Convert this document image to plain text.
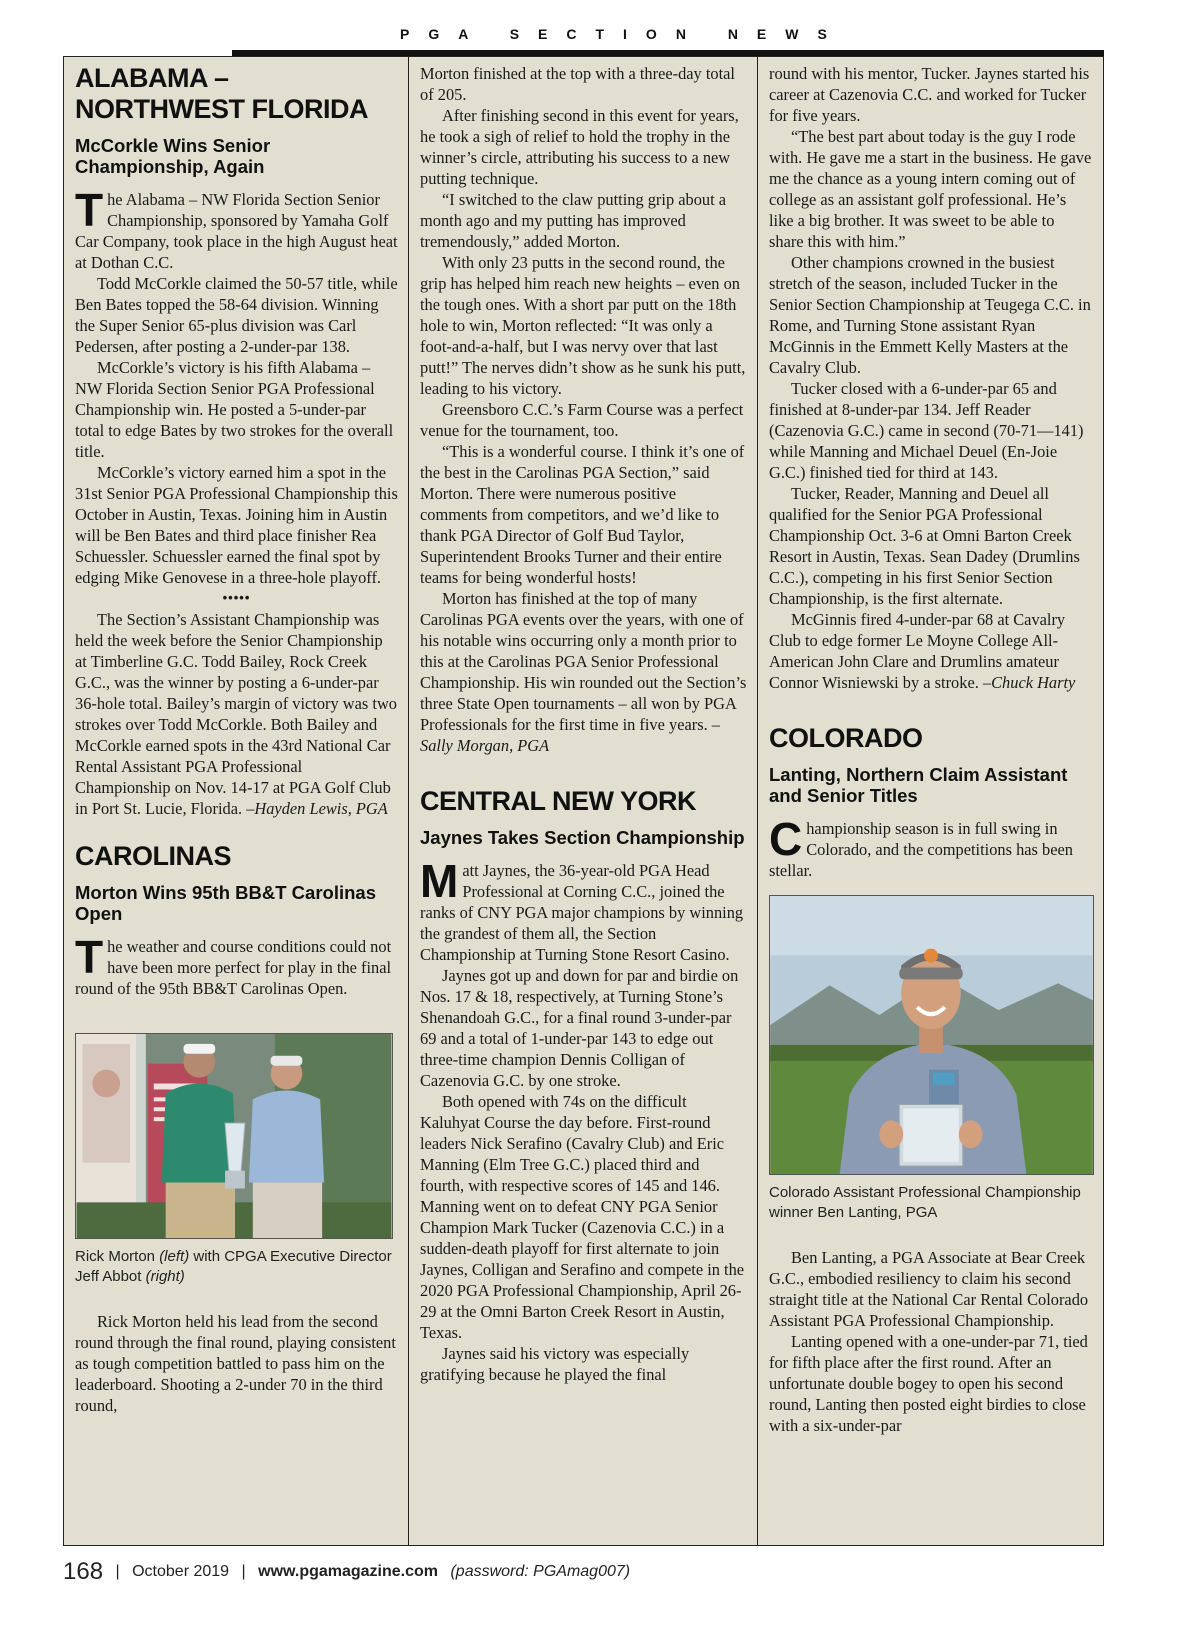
PGA SECTION NEWS
ALABAMA – NORTHWEST FLORIDA
McCorkle Wins Senior Championship, Again

The Alabama – NW Florida Section Senior Championship, sponsored by Yamaha Golf Car Company, took place in the high August heat at Dothan C.C.

Todd McCorkle claimed the 50-57 title, while Ben Bates topped the 58-64 division. Winning the Super Senior 65-plus division was Carl Pedersen, after posting a 2-under-par 138.

McCorkle’s victory is his fifth Alabama – NW Florida Section Senior PGA Professional Championship win. He posted a 5-under-par total to edge Bates by two strokes for the overall title.

McCorkle’s victory earned him a spot in the 31st Senior PGA Professional Championship this October in Austin, Texas. Joining him in Austin will be Ben Bates and third place finisher Rea Schuessler. Schuessler earned the final spot by edging Mike Genovese in a three-hole playoff.

•••••

The Section’s Assistant Championship was held the week before the Senior Championship at Timberline G.C. Todd Bailey, Rock Creek G.C., was the winner by posting a 6-under-par 36-hole total. Bailey’s margin of victory was two strokes over Todd McCorkle. Both Bailey and McCorkle earned spots in the 43rd National Car Rental Assistant PGA Professional Championship on Nov. 14-17 at PGA Golf Club in Port St. Lucie, Florida. –Hayden Lewis, PGA

CAROLINAS
Morton Wins 95th BB&T Carolinas Open

The weather and course conditions could not have been more perfect for play in the final round of the 95th BB&T Carolinas Open.

Rick Morton (left) with CPGA Executive Director Jeff Abbot (right)

Rick Morton held his lead from the second round through the final round, playing consistent as tough competition battled to pass him on the leaderboard. Shooting a 2-under 70 in the third round,

Morton finished at the top with a three-day total of 205.

After finishing second in this event for years, he took a sigh of relief to hold the trophy in the winner’s circle, attributing his success to a new putting technique.

“I switched to the claw putting grip about a month ago and my putting has improved tremendously,” added Morton.

With only 23 putts in the second round, the grip has helped him reach new heights – even on the tough ones. With a short par putt on the 18th hole to win, Morton reflected: “It was only a foot-and-a-half, but I was nervy over that last putt!” The nerves didn’t show as he sunk his putt, leading to his victory.

Greensboro C.C.’s Farm Course was a perfect venue for the tournament, too.

“This is a wonderful course. I think it’s one of the best in the Carolinas PGA Section,” said Morton. There were numerous positive comments from competitors, and we’d like to thank PGA Director of Golf Bud Taylor, Superintendent Brooks Turner and their entire teams for being wonderful hosts!

Morton has finished at the top of many Carolinas PGA events over the years, with one of his notable wins occurring only a month prior to this at the Carolinas PGA Senior Professional Championship. His win rounded out the Section’s three State Open tournaments – all won by PGA Professionals for the first time in five years. –Sally Morgan, PGA

CENTRAL NEW YORK
Jaynes Takes Section Championship

Matt Jaynes, the 36-year-old PGA Head Professional at Corning C.C., joined the ranks of CNY PGA major champions by winning the grandest of them all, the Section Championship at Turning Stone Resort Casino.

Jaynes got up and down for par and birdie on Nos. 17 & 18, respectively, at Turning Stone’s Shenandoah G.C., for a final round 3-under-par 69 and a total of 1-under-par 143 to edge out three-time champion Dennis Colligan of Cazenovia G.C. by one stroke.

Both opened with 74s on the difficult Kaluhyat Course the day before. First-round leaders Nick Serafino (Cavalry Club) and Eric Manning (Elm Tree G.C.) placed third and fourth, with respective scores of 145 and 146. Manning went on to defeat CNY PGA Senior Champion Mark Tucker (Cazenovia C.C.) in a sudden-death playoff for first alternate to join Jaynes, Colligan and Serafino and compete in the 2020 PGA Professional Championship, April 26-29 at the Omni Barton Creek Resort in Austin, Texas.

Jaynes said his victory was especially gratifying because he played the final

round with his mentor, Tucker. Jaynes started his career at Cazenovia C.C. and worked for Tucker for five years.

“The best part about today is the guy I rode with. He gave me a start in the business. He gave me the chance as a young intern coming out of college as an assistant golf professional. He’s like a big brother. It was sweet to be able to share this with him.”

Other champions crowned in the busiest stretch of the season, included Tucker in the Senior Section Championship at Teugega C.C. in Rome, and Turning Stone assistant Ryan McGinnis in the Emmett Kelly Masters at the Cavalry Club.

Tucker closed with a 6-under-par 65 and finished at 8-under-par 134. Jeff Reader (Cazenovia G.C.) came in second (70-71—141) while Manning and Michael Deuel (En-Joie G.C.) finished tied for third at 143.

Tucker, Reader, Manning and Deuel all qualified for the Senior PGA Professional Championship Oct. 3-6 at Omni Barton Creek Resort in Austin, Texas. Sean Dadey (Drumlins C.C.), competing in his first Senior Section Championship, is the first alternate.

McGinnis fired 4-under-par 68 at Cavalry Club to edge former Le Moyne College All-American John Clare and Drumlins amateur Connor Wisniewski by a stroke. –Chuck Harty

COLORADO
Lanting, Northern Claim Assistant and Senior Titles

Championship season is in full swing in Colorado, and the competitions has been stellar.

Colorado Assistant Professional Championship winner Ben Lanting, PGA

Ben Lanting, a PGA Associate at Bear Creek G.C., embodied resiliency to claim his second straight title at the National Car Rental Colorado Assistant PGA Professional Championship.

Lanting opened with a one-under-par 71, tied for fifth place after the first round. After an unfortunate double bogey to open his second round, Lanting then posted eight birdies to close with a six-under-par

168 | October 2019 | www.pgamagazine.com (password: PGAmag007)
